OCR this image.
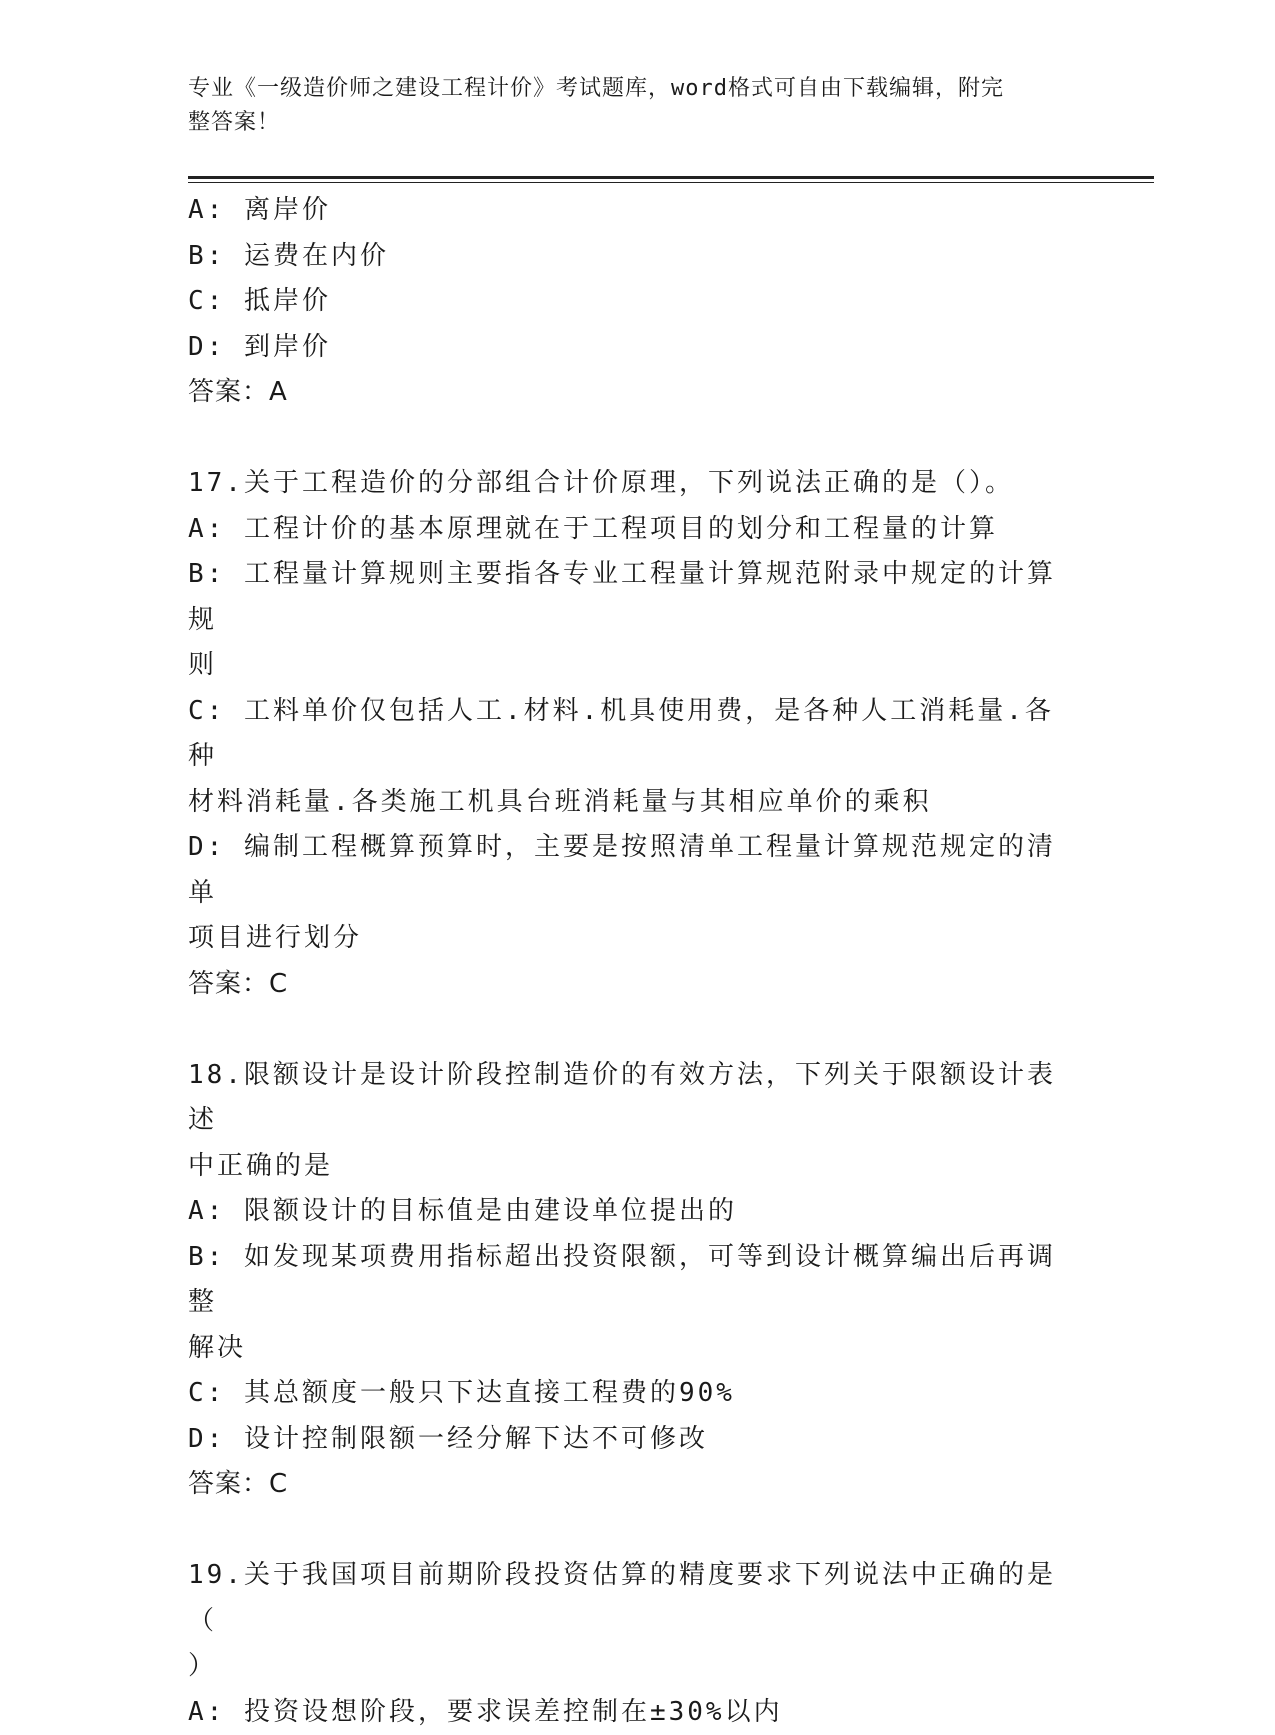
专业《一级造价师之建设工程计价》考试题库，word格式可自由下载编辑，附完
整答案！

A: 离岸价

B: 运费在内价

C: 抵岸价

D: 到岸价

答案：A

17.关于工程造价的分部组合计价原理，下列说法正确的是（）。

A: 工程计价的基本原理就在于工程项目的划分和工程量的计算

B: 工程量计算规则主要指各专业工程量计算规范附录中规定的计算规

则

C: 工料单价仅包括人工.材料.机具使用费，是各种人工消耗量.各种

材料消耗量.各类施工机具台班消耗量与其相应单价的乘积

D: 编制工程概算预算时，主要是按照清单工程量计算规范规定的清单

项目进行划分

答案：C

18.限额设计是设计阶段控制造价的有效方法，下列关于限额设计表述

中正确的是

A: 限额设计的目标值是由建设单位提出的

B: 如发现某项费用指标超出投资限额，可等到设计概算编出后再调整

解决

C: 其总额度一般只下达直接工程费的90%

D: 设计控制限额一经分解下达不可修改

答案：C

19.关于我国项目前期阶段投资估算的精度要求下列说法中正确的是（

）

A: 投资设想阶段，要求误差控制在±30%以内
